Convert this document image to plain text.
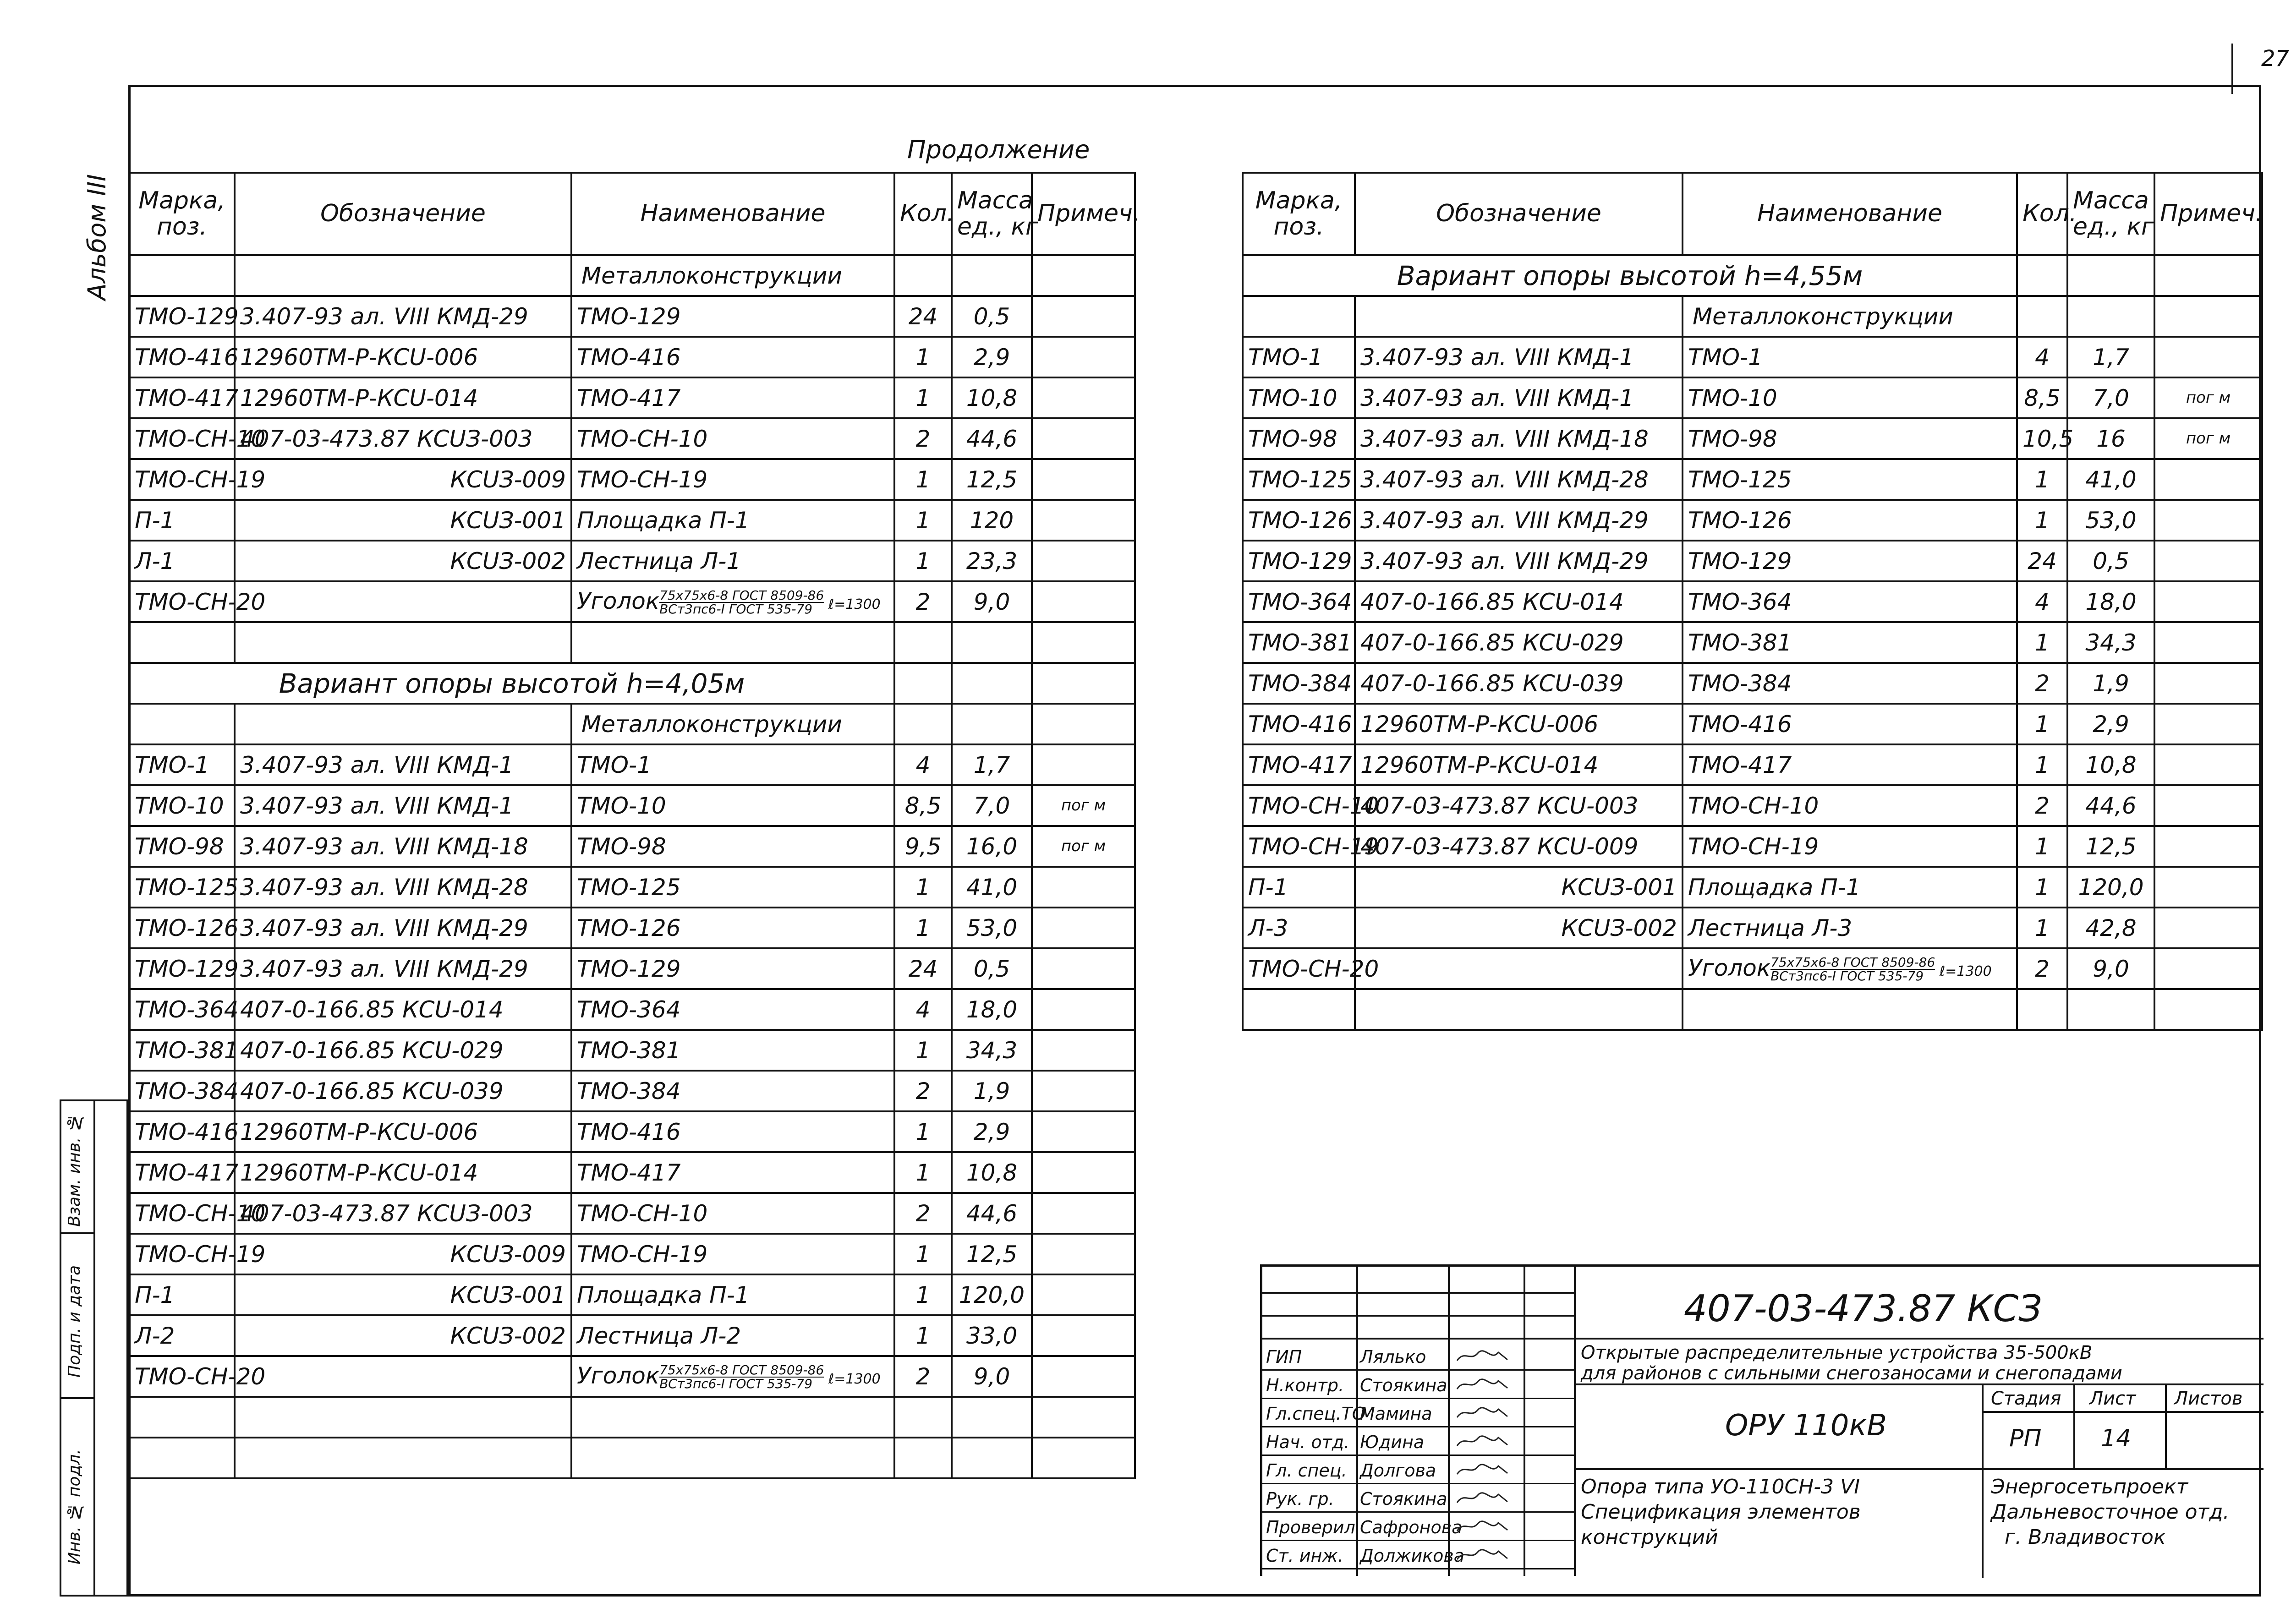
27
Альбом III
Продолжение
Марка,
поз.	Обозначение	Наименование	Кол.	Масса
ед., кг	Примеч.
		Металлоконструкции			
ТМО-129	3.407-93 ал. VIII КМД-29	ТМО-129	24	0,5	
ТМО-416	12960ТМ-Р-КСU-006	ТМО-416	1	2,9	
ТМО-417	12960ТМ-Р-КСU-014	ТМО-417	1	10,8	
ТМО-СН-10	407-03-473.87 КСUЗ-003	ТМО-СН-10	2	44,6	
ТМО-СН-19	КСUЗ-009	ТМО-СН-19	1	12,5	
П-1	КСUЗ-001	Площадка П-1	1	120	
Л-1	КСUЗ-002	Лестница Л-1	1	23,3	
ТМО-СН-20		Уголок $\frac{\text{75х75х6-8 ГОСТ 8509-86}}{\text{ВСт3пс6-I ГОСТ 535-79}}$ ℓ=1300	2	9,0	

Вариант опоры высотой h=4,05м					
		Металлоконструкции			
ТМО-1	3.407-93 ал. VIII КМД-1	ТМО-1	4	1,7	
ТМО-10	3.407-93 ал. VIII КМД-1	ТМО-10	8,5	7,0	пог м

ТМО-98	3.407-93 ал. VIII КМД-18	ТМО-98	9,5	16,0	пог м

ТМО-125	3.407-93 ал. VIII КМД-28	ТМО-125	1	41,0	
ТМО-126	3.407-93 ал. VIII КМД-29	ТМО-126	1	53,0	
ТМО-129	3.407-93 ал. VIII КМД-29	ТМО-129	24	0,5	
ТМО-364	407-0-166.85 КСU-014	ТМО-364	4	18,0	
ТМО-381	407-0-166.85 КСU-029	ТМО-381	1	34,3	
ТМО-384	407-0-166.85 КСU-039	ТМО-384	2	1,9	
ТМО-416	12960ТМ-Р-КСU-006	ТМО-416	1	2,9	
ТМО-417	12960ТМ-Р-КСU-014	ТМО-417	1	10,8	
ТМО-СН-10	407-03-473.87 КСUЗ-003	ТМО-СН-10	2	44,6	
ТМО-СН-19	КСUЗ-009	ТМО-СН-19	1	12,5	
П-1	КСUЗ-001	Площадка П-1	1	120,0	
Л-2	КСUЗ-002	Лестница Л-2	1	33,0	
ТМО-СН-20		Уголок $\frac{\text{75х75х6-8 ГОСТ 8509-86}}{\text{ВСт3пс6-I ГОСТ 535-79}}$ ℓ=1300	2	9,0	

Марка,
поз.	Обозначение	Наименование	Кол.	Масса
ед., кг	Примеч.
Вариант опоры высотой h=4,55м					
		Металлоконструкции			
ТМО-1	3.407-93 ал. VIII КМД-1	ТМО-1	4	1,7	
ТМО-10	3.407-93 ал. VIII КМД-1	ТМО-10	8,5	7,0	пог м

ТМО-98	3.407-93 ал. VIII КМД-18	ТМО-98	10,5	16	пог м

ТМО-125	3.407-93 ал. VIII КМД-28	ТМО-125	1	41,0	
ТМО-126	3.407-93 ал. VIII КМД-29	ТМО-126	1	53,0	
ТМО-129	3.407-93 ал. VIII КМД-29	ТМО-129	24	0,5	
ТМО-364	407-0-166.85 КСU-014	ТМО-364	4	18,0	
ТМО-381	407-0-166.85 КСU-029	ТМО-381	1	34,3	
ТМО-384	407-0-166.85 КСU-039	ТМО-384	2	1,9	
ТМО-416	12960ТМ-Р-КСU-006	ТМО-416	1	2,9	
ТМО-417	12960ТМ-Р-КСU-014	ТМО-417	1	10,8	
ТМО-СН-10	407-03-473.87 КСU-003	ТМО-СН-10	2	44,6	
ТМО-СН-19	407-03-473.87 КСU-009	ТМО-СН-19	1	12,5	
П-1	КСUЗ-001	Площадка П-1	1	120,0	
Л-3	КСUЗ-002	Лестница Л-3	1	42,8	
ТМО-СН-20		Уголок $\frac{\text{75х75х6-8 ГОСТ 8509-86}}{\text{ВСт3пс6-I ГОСТ 535-79}}$ ℓ=1300	2	9,0	

Взам. инв. №
Подп. и дата
Инв. № подл.
407-03-473.87 КСЗ
Открытые распределительные устройства 35-500кВ
для районов с сильными снегозаносами и снегопадами
ОРУ 110кВ
Стадия Лист Листов
РП 14
Опора типа УО-110СН-3 VI
Спецификация элементов
конструкций
Энергосетьпроект
Дальневосточное отд.
г. Владивосток
ГИП	Лялько
Н.контр. Стоякина
Гл.спец.ТО
Мамина
Нач. отд. Юдина
Гл. спец. Долгова
Рук. гр. Стоякина
Проверил Сафронова
Ст. инж. Должикова
